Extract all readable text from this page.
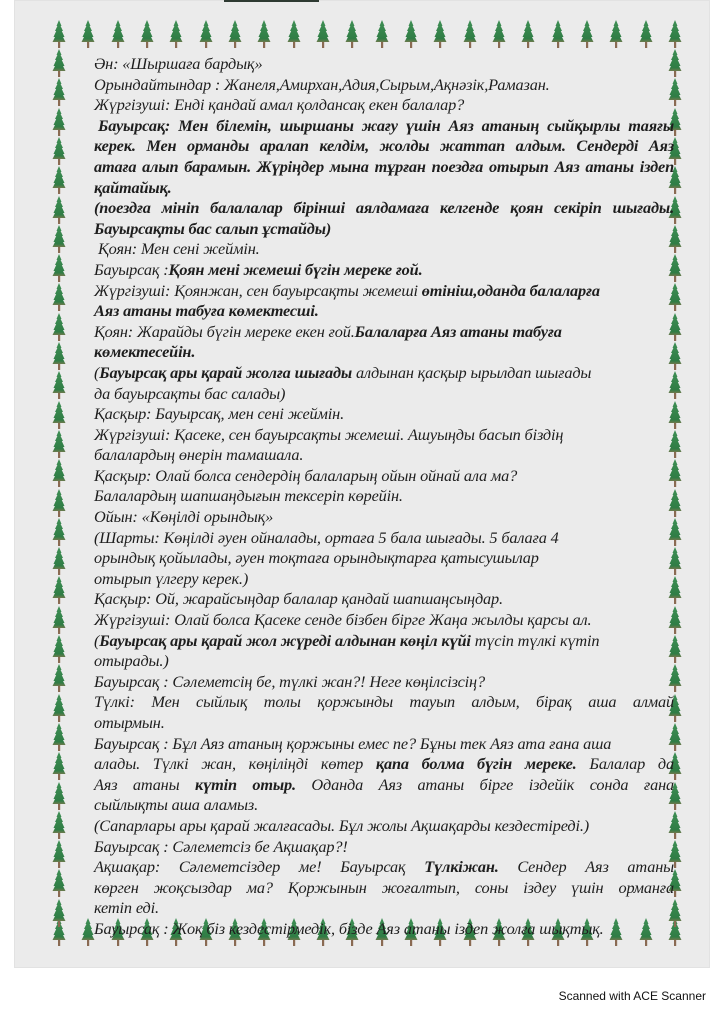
Ән: «Шыршаға бардық»
Орындайтындар : Жанеля,Амирхан,Адия,Сырым,Ақнәзік,Рамазан.
Жүргізуші: Енді қандай амал қолдансақ екен балалар?
Бауырсақ: Мен білемін, шыршаны жағу үшін Аяз атаның сыйқырлы таяғы
керек. Мен орманды аралап келдім, жолды жаттап алдым. Сендерді Аяз
атаға алып барамын. Жүріңдер мына тұрған поездға отырып Аяз атаны іздеп
қайтайық.
(поездға мініп балалалар бірінші аялдамаға келгенде қоян секіріп шығады.
Бауырсақты бас салып ұстайды)
Қоян: Мен сені жеймін.
Бауырсақ :Қоян мені жемеші бүгін мереке ғой.
Жүргізуші: Қоянжан, сен бауырсақты жемеші өтініш,оданда балаларға
Аяз атаны табуға көмектесші.
Қоян: Жарайды бүгін мереке екен ғой.Балаларға Аяз атаны табуға
көмектесейін.
(Бауырсақ ары қарай жолға шығады алдынан қасқыр ырылдап шығады
да бауырсақты бас салады)
Қасқыр: Бауырсақ, мен сені жеймін.
Жүргізуші: Қасеке, сен бауырсақты жемеші. Ашуыңды басып біздің
балалардың өнерін тамашала.
Қасқыр: Олай болса сендердің балаларың ойын ойнай ала ма?
Балалардың шапшаңдығын тексеріп көрейін.
Ойын: «Көңілді орындық»
(Шарты: Көңілді әуен ойналады, ортаға 5 бала шығады. 5 балаға 4
орындық қойылады, әуен тоқтаға орындықтарға қатысушылар
отырып үлгеру керек.)
Қасқыр: Ой, жарайсыңдар балалар қандай шапшаңсыңдар.
Жүргізуші: Олай болса Қасеке сенде бізбен бірге Жаңа жылды қарсы ал.
(Бауырсақ ары қарай жол жүреді алдынан көңіл күйі түсіп түлкі күтіп
отырады.)
Бауырсақ : Сәлеметсің бе, түлкі жан?! Неге көңілсізсің?
Түлкі: Мен сыйлық толы қоржынды тауып алдым, бірақ аша алмай
отырмын.
Бауырсақ : Бұл Аяз атаның қоржыны емес пе? Бұны тек Аяз ата ғана аша
алады. Түлкі жан, көңіліңді көтер қапа болма бүгін мереке. Балалар да
Аяз атаны күтіп отыр. Оданда Аяз атаны бірге іздейік сонда ғана
сыйлықты аша аламыз.
(Сапарлары ары қарай жалғасады. Бұл жолы Ақшақарды кездестіреді.)
Бауырсақ : Сәлеметсіз бе Ақшақар?!
Ақшақар: Сәлеметсіздер ме! Бауырсақ Түлкіжан. Сендер Аяз атаны
көрген жоқсыздар ма? Қоржынын жоғалтып, соны іздеу үшін орманға
кетіп еді.
Бауырсақ : Жоқ біз кездестірмедік, бізде Аяз атаны іздеп жолға шықтық.
Scanned with ACE Scanner
